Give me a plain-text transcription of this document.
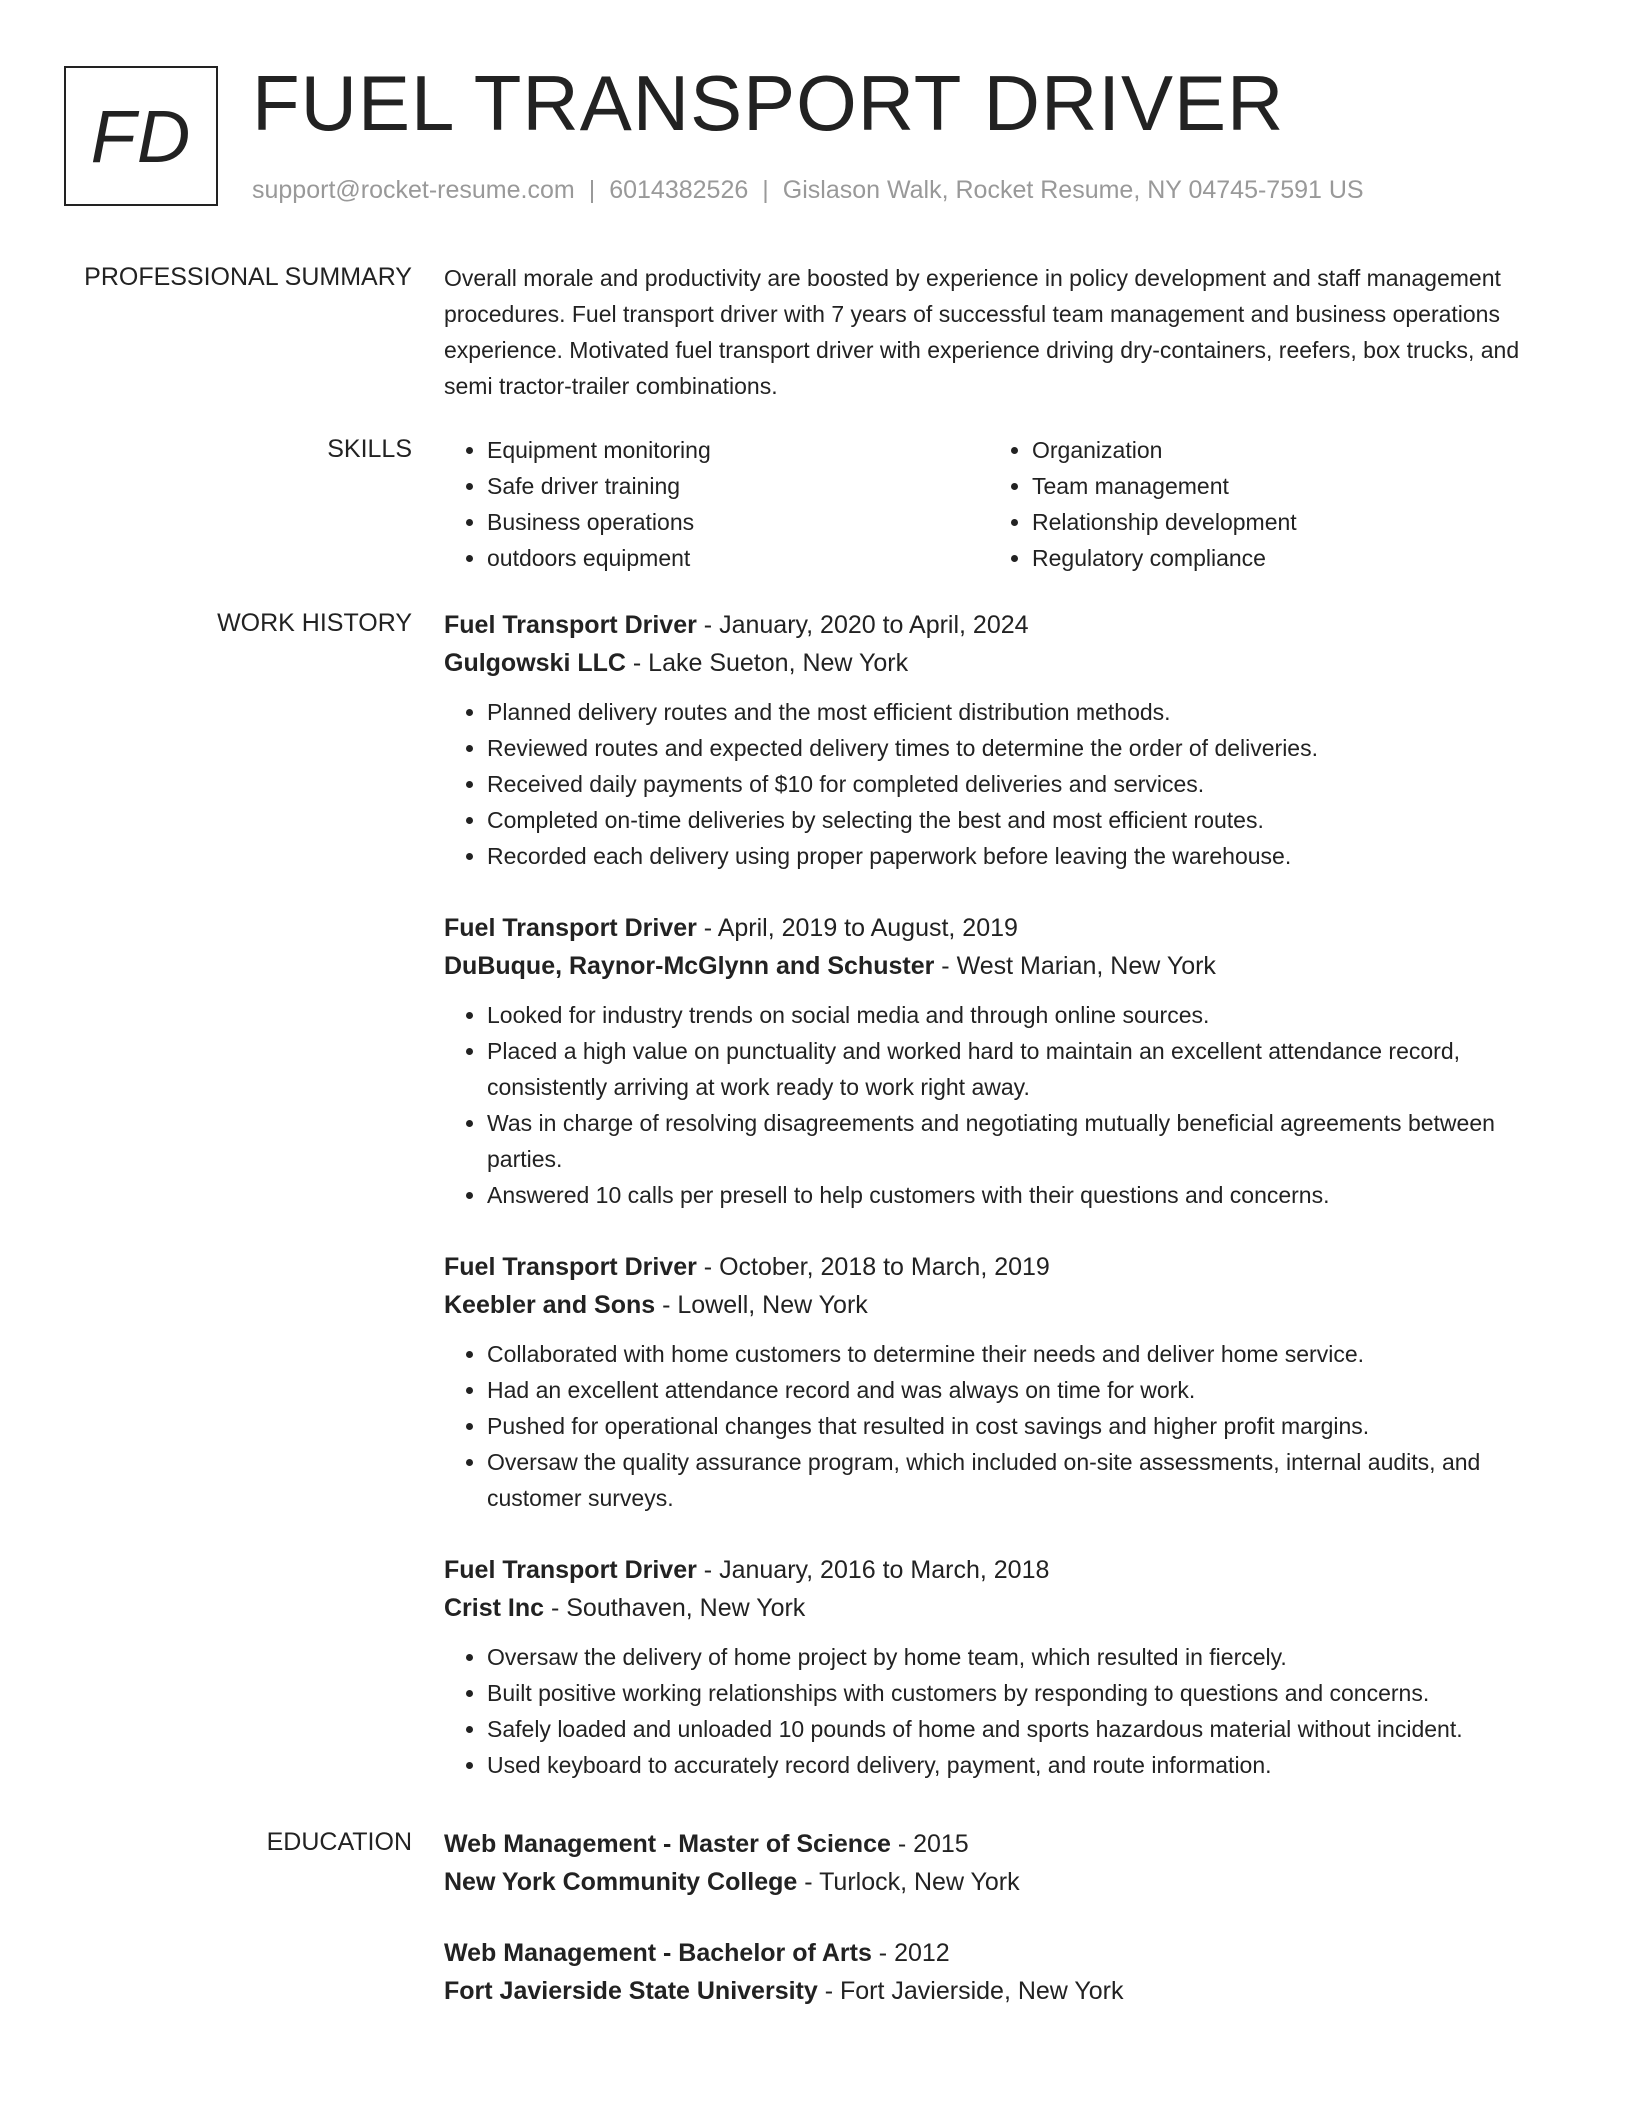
FD FUEL TRANSPORT DRIVER
support@rocket-resume.com | 6014382526 | Gislason Walk, Rocket Resume, NY 04745-7591 US
PROFESSIONAL SUMMARY Overall morale and productivity are boosted by experience in policy development and staff management procedures. Fuel transport driver with 7 years of successful team management and business operations experience. Motivated fuel transport driver with experience driving dry-containers, reefers, box trucks, and semi tractor-trailer combinations.

SKILLS	• Equipment monitoring	• Organization
• Safe driver training	• Team management
• Business operations	• Relationship development
• outdoors equipment	• Regulatory compliance
WORK HISTORY Fuel Transport Driver - January, 2020 to April, 2024
Gulgowski LLC - Lake Sueton, New York
• Planned delivery routes and the most efficient distribution methods.
• Reviewed routes and expected delivery times to determine the order of deliveries.
• Received daily payments of $10 for completed deliveries and services.
• Completed on-time deliveries by selecting the best and most efficient routes.
• Recorded each delivery using proper paperwork before leaving the warehouse.
Fuel Transport Driver - April, 2019 to August, 2019
DuBuque, Raynor-McGlynn and Schuster - West Marian, New York
• Looked for industry trends on social media and through online sources.
• Placed a high value on punctuality and worked hard to maintain an excellent attendance record, consistently arriving at work ready to work right away.
• Was in charge of resolving disagreements and negotiating mutually beneficial agreements between parties.
• Answered 10 calls per presell to help customers with their questions and concerns.
Fuel Transport Driver - October, 2018 to March, 2019
Keebler and Sons - Lowell, New York
• Collaborated with home customers to determine their needs and deliver home service.
• Had an excellent attendance record and was always on time for work.
• Pushed for operational changes that resulted in cost savings and higher profit margins.
• Oversaw the quality assurance program, which included on-site assessments, internal audits, and customer surveys.
Fuel Transport Driver - January, 2016 to March, 2018
Crist Inc - Southaven, New York
• Oversaw the delivery of home project by home team, which resulted in fiercely.
• Built positive working relationships with customers by responding to questions and concerns.
• Safely loaded and unloaded 10 pounds of home and sports hazardous material without incident.
• Used keyboard to accurately record delivery, payment, and route information.
EDUCATION Web Management - Master of Science - 2015
New York Community College - Turlock, New York
Web Management - Bachelor of Arts - 2012
Fort Javierside State University - Fort Javierside, New York
